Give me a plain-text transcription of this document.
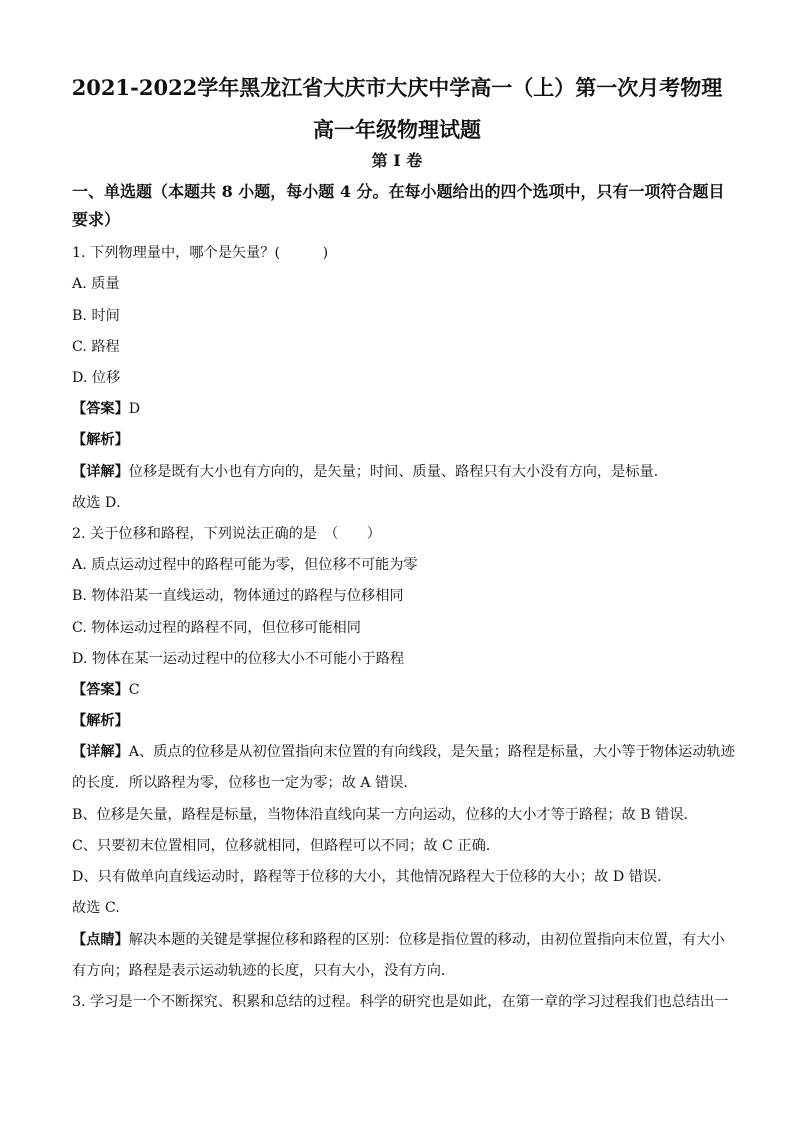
2021-2022学年黑龙江省大庆市大庆中学高一（上）第一次月考物理
高一年级物理试题
第 I 卷
一、单选题（本题共 8 小题，每小题 4 分。在每小题给出的四个选项中，只有一项符合题目
要求）
1. 下列物理量中，哪个是矢量？(　　　)
A. 质量
B. 时间
C. 路程
D. 位移
【答案】D
【解析】
【详解】位移是既有大小也有方向的，是矢量；时间、质量、路程只有大小没有方向，是标量．
故选 D．
2. 关于位移和路程，下列说法正确的是　（　　）
A. 质点运动过程中的路程可能为零，但位移不可能为零
B. 物体沿某一直线运动，物体通过的路程与位移相同
C. 物体运动过程的路程不同，但位移可能相同
D. 物体在某一运动过程中的位移大小不可能小于路程
【答案】C
【解析】
【详解】A、质点的位移是从初位置指向末位置的有向线段，是矢量；路程是标量，大小等于物体运动轨迹
的长度．所以路程为零，位移也一定为零；故 A 错误.
B、位移是矢量，路程是标量，当物体沿直线向某一方向运动，位移的大小才等于路程；故 B 错误.
C、只要初末位置相同，位移就相同，但路程可以不同；故 C 正确.
D、只有做单向直线运动时，路程等于位移的大小，其他情况路程大于位移的大小；故 D 错误.
故选 C.
【点睛】解决本题的关键是掌握位移和路程的区别：位移是指位置的移动，由初位置指向末位置，有大小
有方向；路程是表示运动轨迹的长度，只有大小，没有方向．
3. 学习是一个不断探究、积累和总结的过程。科学的研究也是如此，在第一章的学习过程我们也总结出一
